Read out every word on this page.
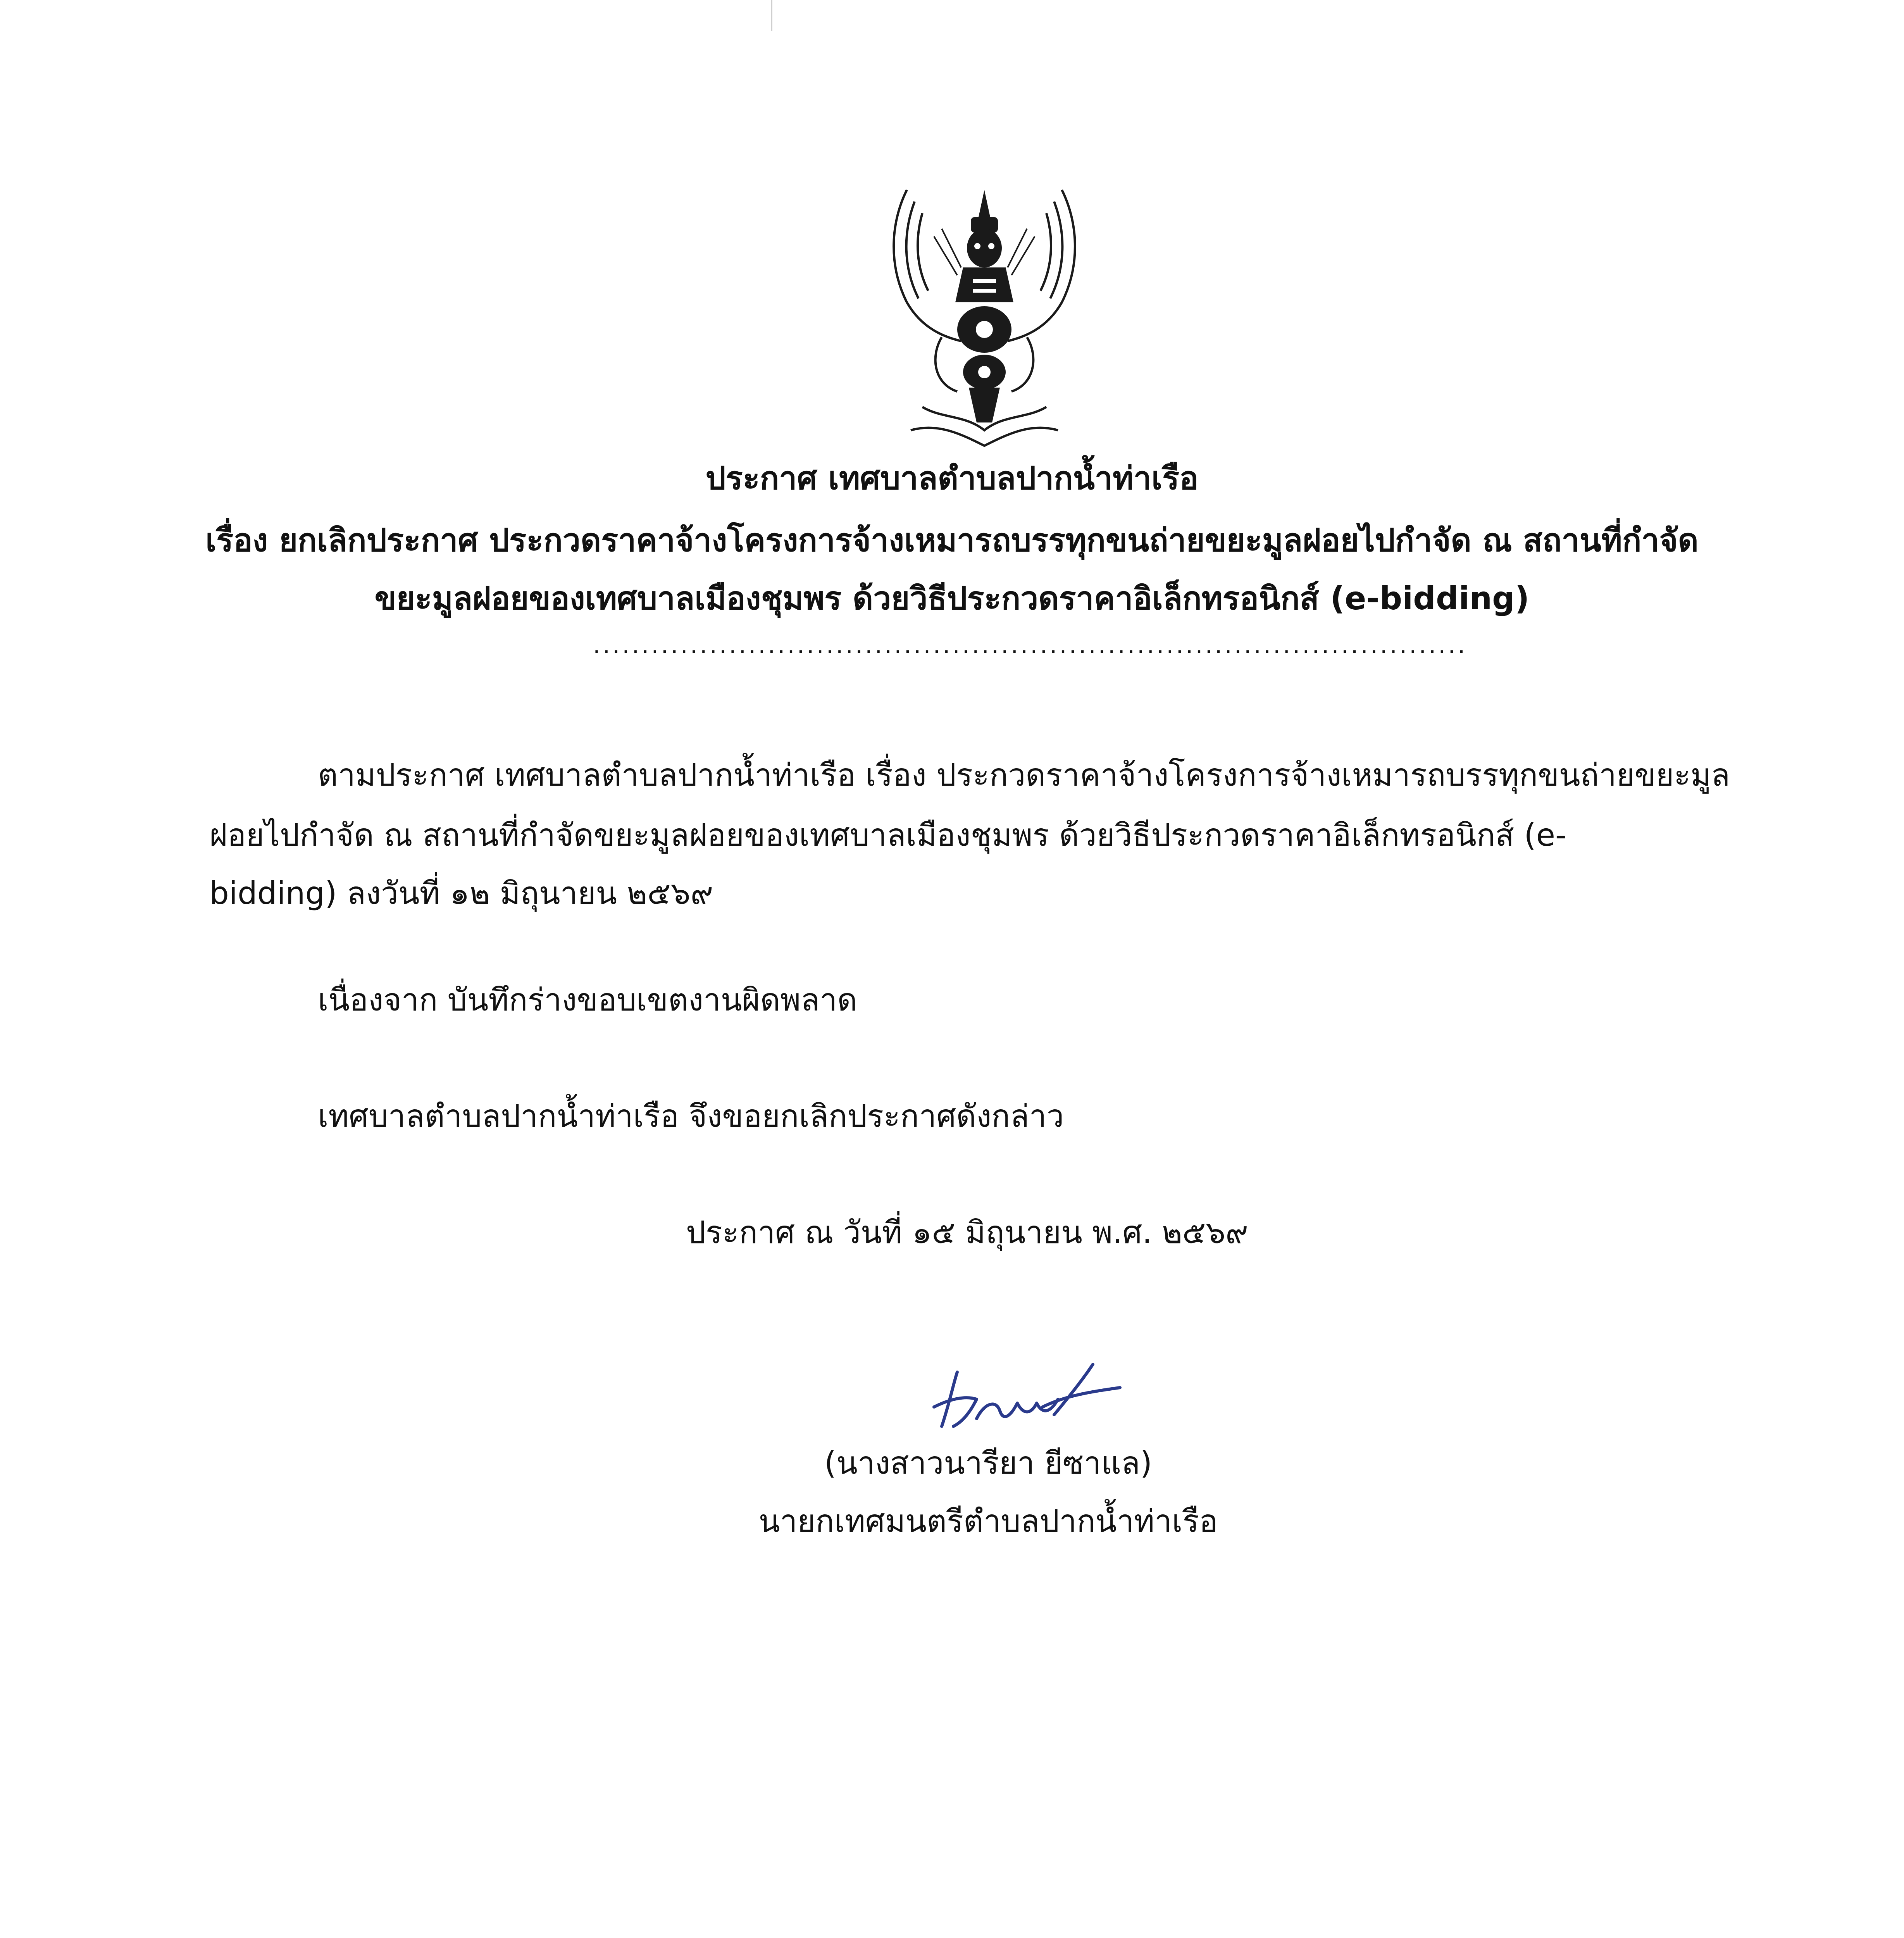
ประกาศ เทศบาลตำบลปากน้ำท่าเรือ
เรื่อง ยกเลิกประกาศ ประกวดราคาจ้างโครงการจ้างเหมารถบรรทุกขนถ่ายขยะมูลฝอยไปกำจัด ณ สถานที่กำจัด
ขยะมูลฝอยของเทศบาลเมืองชุมพร ด้วยวิธีประกวดราคาอิเล็กทรอนิกส์ (e-bidding)
..........................................................................................
ตามประกาศ เทศบาลตำบลปากน้ำท่าเรือ เรื่อง ประกวดราคาจ้างโครงการจ้างเหมารถบรรทุกขนถ่ายขยะมูล
ฝอยไปกำจัด ณ สถานที่กำจัดขยะมูลฝอยของเทศบาลเมืองชุมพร ด้วยวิธีประกวดราคาอิเล็กทรอนิกส์ (e-
bidding) ลงวันที่ ๑๒ มิถุนายน ๒๕๖๙
เนื่องจาก บันทึกร่างขอบเขตงานผิดพลาด
เทศบาลตำบลปากน้ำท่าเรือ จึงขอยกเลิกประกาศดังกล่าว
ประกาศ ณ วันที่ ๑๕ มิถุนายน พ.ศ. ๒๕๖๙
(นางสาวนารียา ยีซาแล)
นายกเทศมนตรีตำบลปากน้ำท่าเรือ
